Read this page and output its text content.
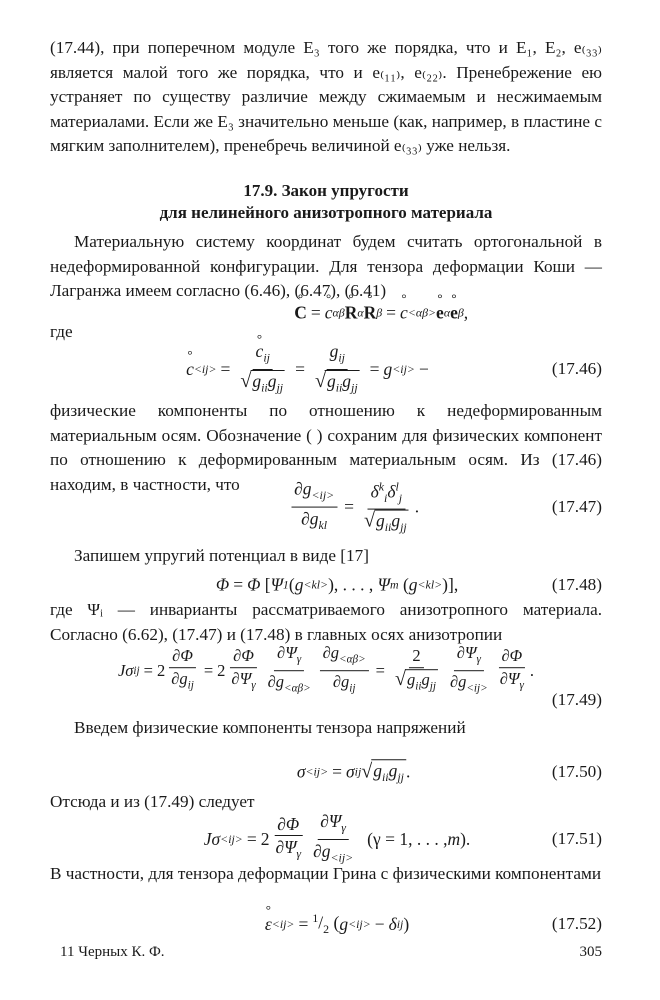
(17.44), при поперечном модуле E₃ того же порядка, что и E₁, E₂, e₍₃₃₎ является малой того же порядка, что и e₍₁₁₎, e₍₂₂₎. Пренебрежение ею устраняет по существу различие между сжимаемым и несжимаемым материалами. Если же E₃ значительно меньше (как, например, в пластине с мягким заполнителем), пренебречь величиной e₍₃₃₎ уже нельзя.

17.9. Закон упругости

для нелинейного анизотропного материала

Материальную систему координат будем считать ортогональной в недеформированной конфигурации. Для тензора деформации Коши — Лагранжа имеем согласно (6.46), (6.47), (6.41)

° C = ° c αβ ° R α ° R β = ° c <αβ> ° e α ° e β ,

где

° c <ij> = ° $\frac{c_{ij}}{√g_{ii}g_{jj}} = \frac{g_{ij}}{√g_{ii}g_{jj}} = g <ij>$ −	(17.46)

физические компоненты по отношению к недеформированным материальным осям. Обозначение ( ) сохраним для физических компонент по отношению к деформированным материальным осям. Из (17.46) находим, в частности, что	$\frac{\partial g_{<ij>}}{\partial g_{kl}} = \frac{\delta^k_i\delta^l_j}{√g_{ii}g_{jj}}$ .	(17.47)

Запишем упругий потенциал в виде [17]

Φ = Φ [ Ψ 1 ( g <kl> ), . . . , Ψ m ( g <kl> )],	(17.48)

где Ψᵢ — инварианты рассматриваемого анизотропного материала. Согласно (6.62), (17.47) и (17.48) в главных осях анизотропии

Jσ ij = $2 \frac{\partial\Phi}{\partial g_{ij}} = 2 \frac{\partial\Phi}{\partial\Psi_\gamma} \frac{\partial\Psi_\gamma}{\partial g_{<\alpha\beta>}} \frac{\partial g_{<\alpha\beta>}}{\partial g_{ij}} = \frac{2}{√g_{ii}g_{jj}} \frac{\partial\Psi_\gamma}{\partial g_{<ij>}} \frac{\partial\Phi}{\partial\Psi_\gamma}$ .
(17.49)

Введем физические компоненты тензора напряжений

σ <ij> = σ ij √ $g_{ii}g_{jj}$ .	(17.50)

Отсюда и из (17.49) следует

$J\sigma <ij> = 2 \frac{\partial\Phi}{\partial\Psi_\gamma} \frac{\partial\Psi_\gamma}{\partial g_{<ij>}} (\gamma = 1$, . . . , m ).	(17.51)

В частности, для тензора деформации Грина с физическими компонентами

° $\varepsilon <ij> = ^1/_2$ ( g <ij> − δ ij )	(17.52)
11 Черных К. Ф.	305
